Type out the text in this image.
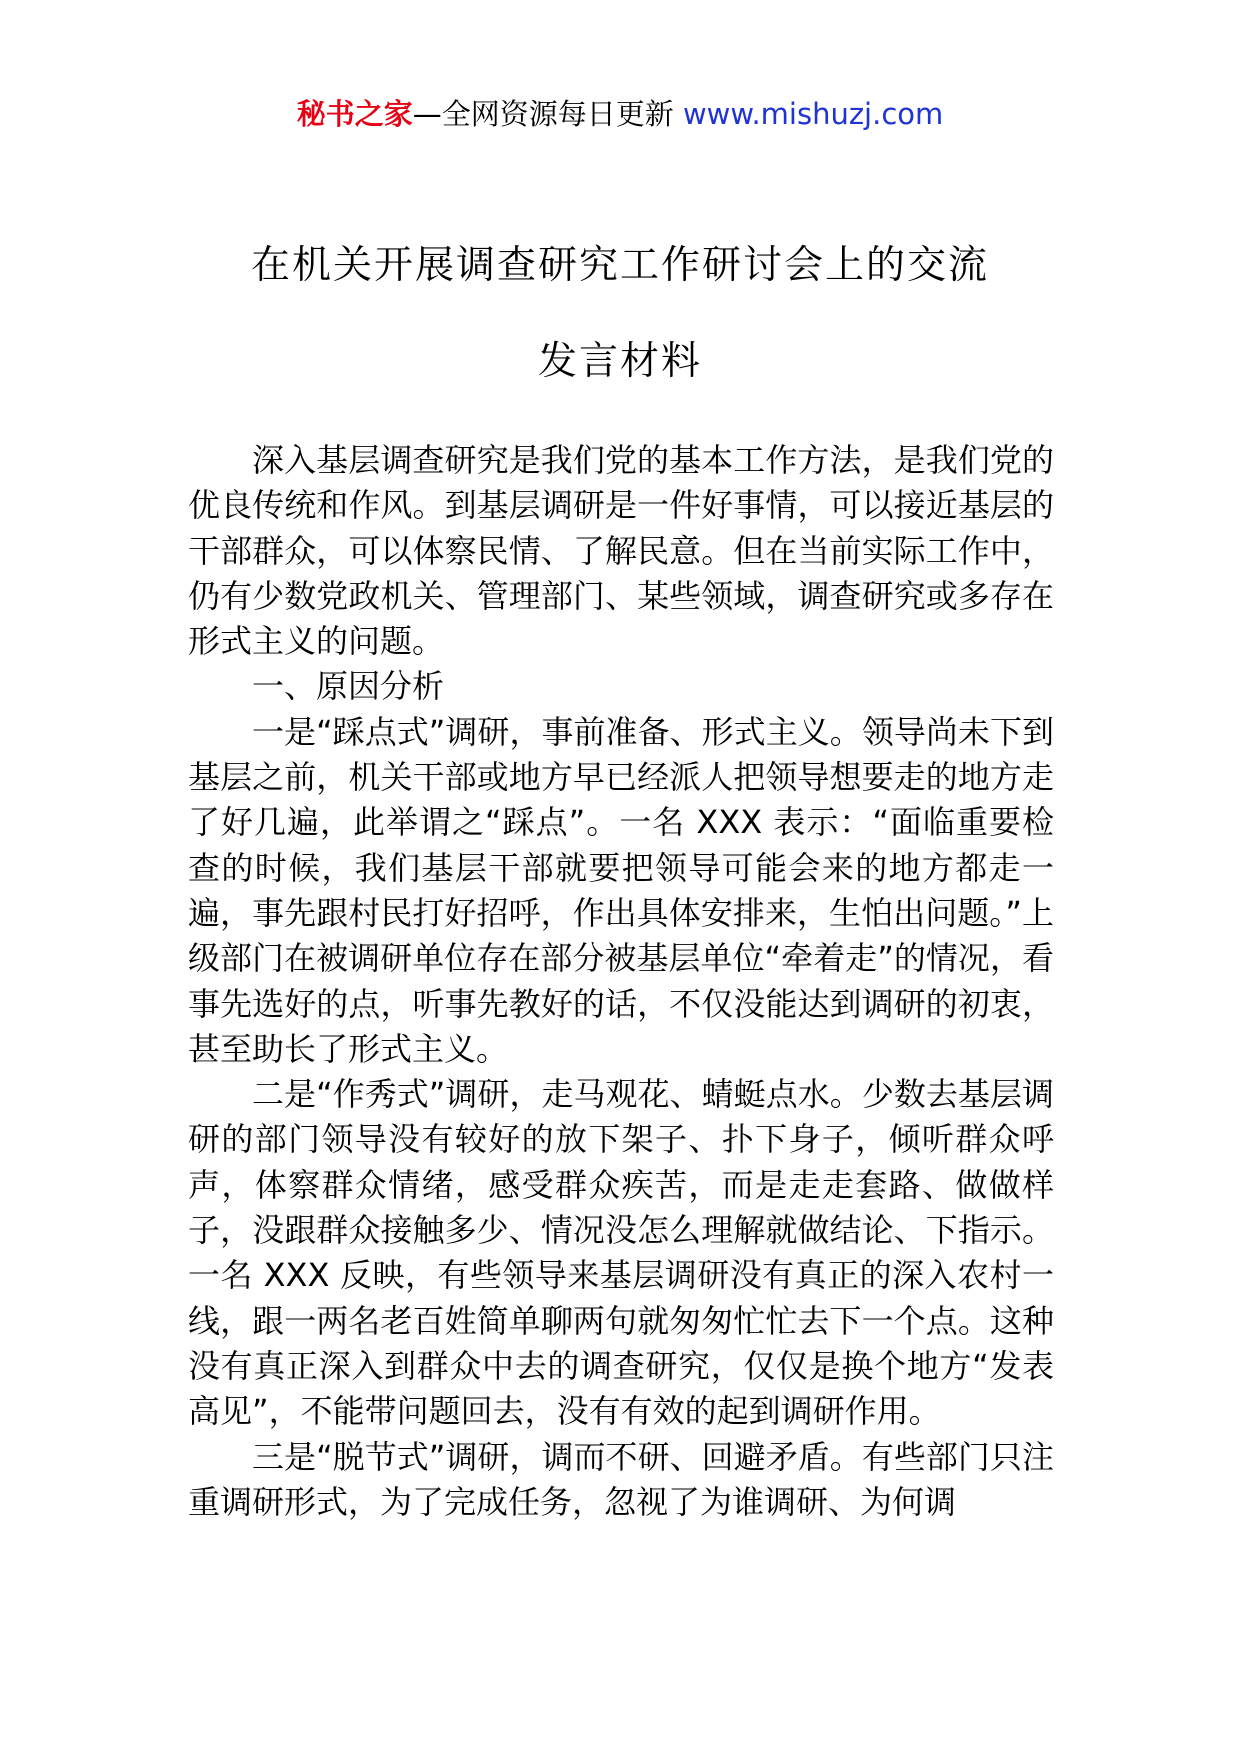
秘书之家—全网资源每日更新 www.mishuzj.com
在机关开展调查研究工作研讨会上的交流
发言材料

深入基层调查研究是我们党的基本工作方法，是我们党的优良传统和作风。到基层调研是一件好事情，可以接近基层的干部群众，可以体察民情、了解民意。但在当前实际工作中，仍有少数党政机关、管理部门、某些领域，调查研究或多存在形式主义的问题。

一、原因分析

一是“踩点式”调研，事前准备、形式主义。领导尚未下到基层之前，机关干部或地方早已经派人把领导想要走的地方走了好几遍，此举谓之“踩点”。一名 XXX 表示：“面临重要检查的时候，我们基层干部就要把领导可能会来的地方都走一遍，事先跟村民打好招呼，作出具体安排来，生怕出问题。”上级部门在被调研单位存在部分被基层单位“牵着走”的情况，看事先选好的点，听事先教好的话，不仅没能达到调研的初衷，甚至助长了形式主义。

二是“作秀式”调研，走马观花、蜻蜓点水。少数去基层调研的部门领导没有较好的放下架子、扑下身子，倾听群众呼声，体察群众情绪，感受群众疾苦，而是走走套路、做做样子，没跟群众接触多少、情况没怎么理解就做结论、下指示。一名 XXX 反映，有些领导来基层调研没有真正的深入农村一线，跟一两名老百姓简单聊两句就匆匆忙忙去下一个点。这种没有真正深入到群众中去的调查研究，仅仅是换个地方“发表高见”，不能带问题回去，没有有效的起到调研作用。

三是“脱节式”调研，调而不研、回避矛盾。有些部门只注重调研形式，为了完成任务，忽视了为谁调研、为何调
